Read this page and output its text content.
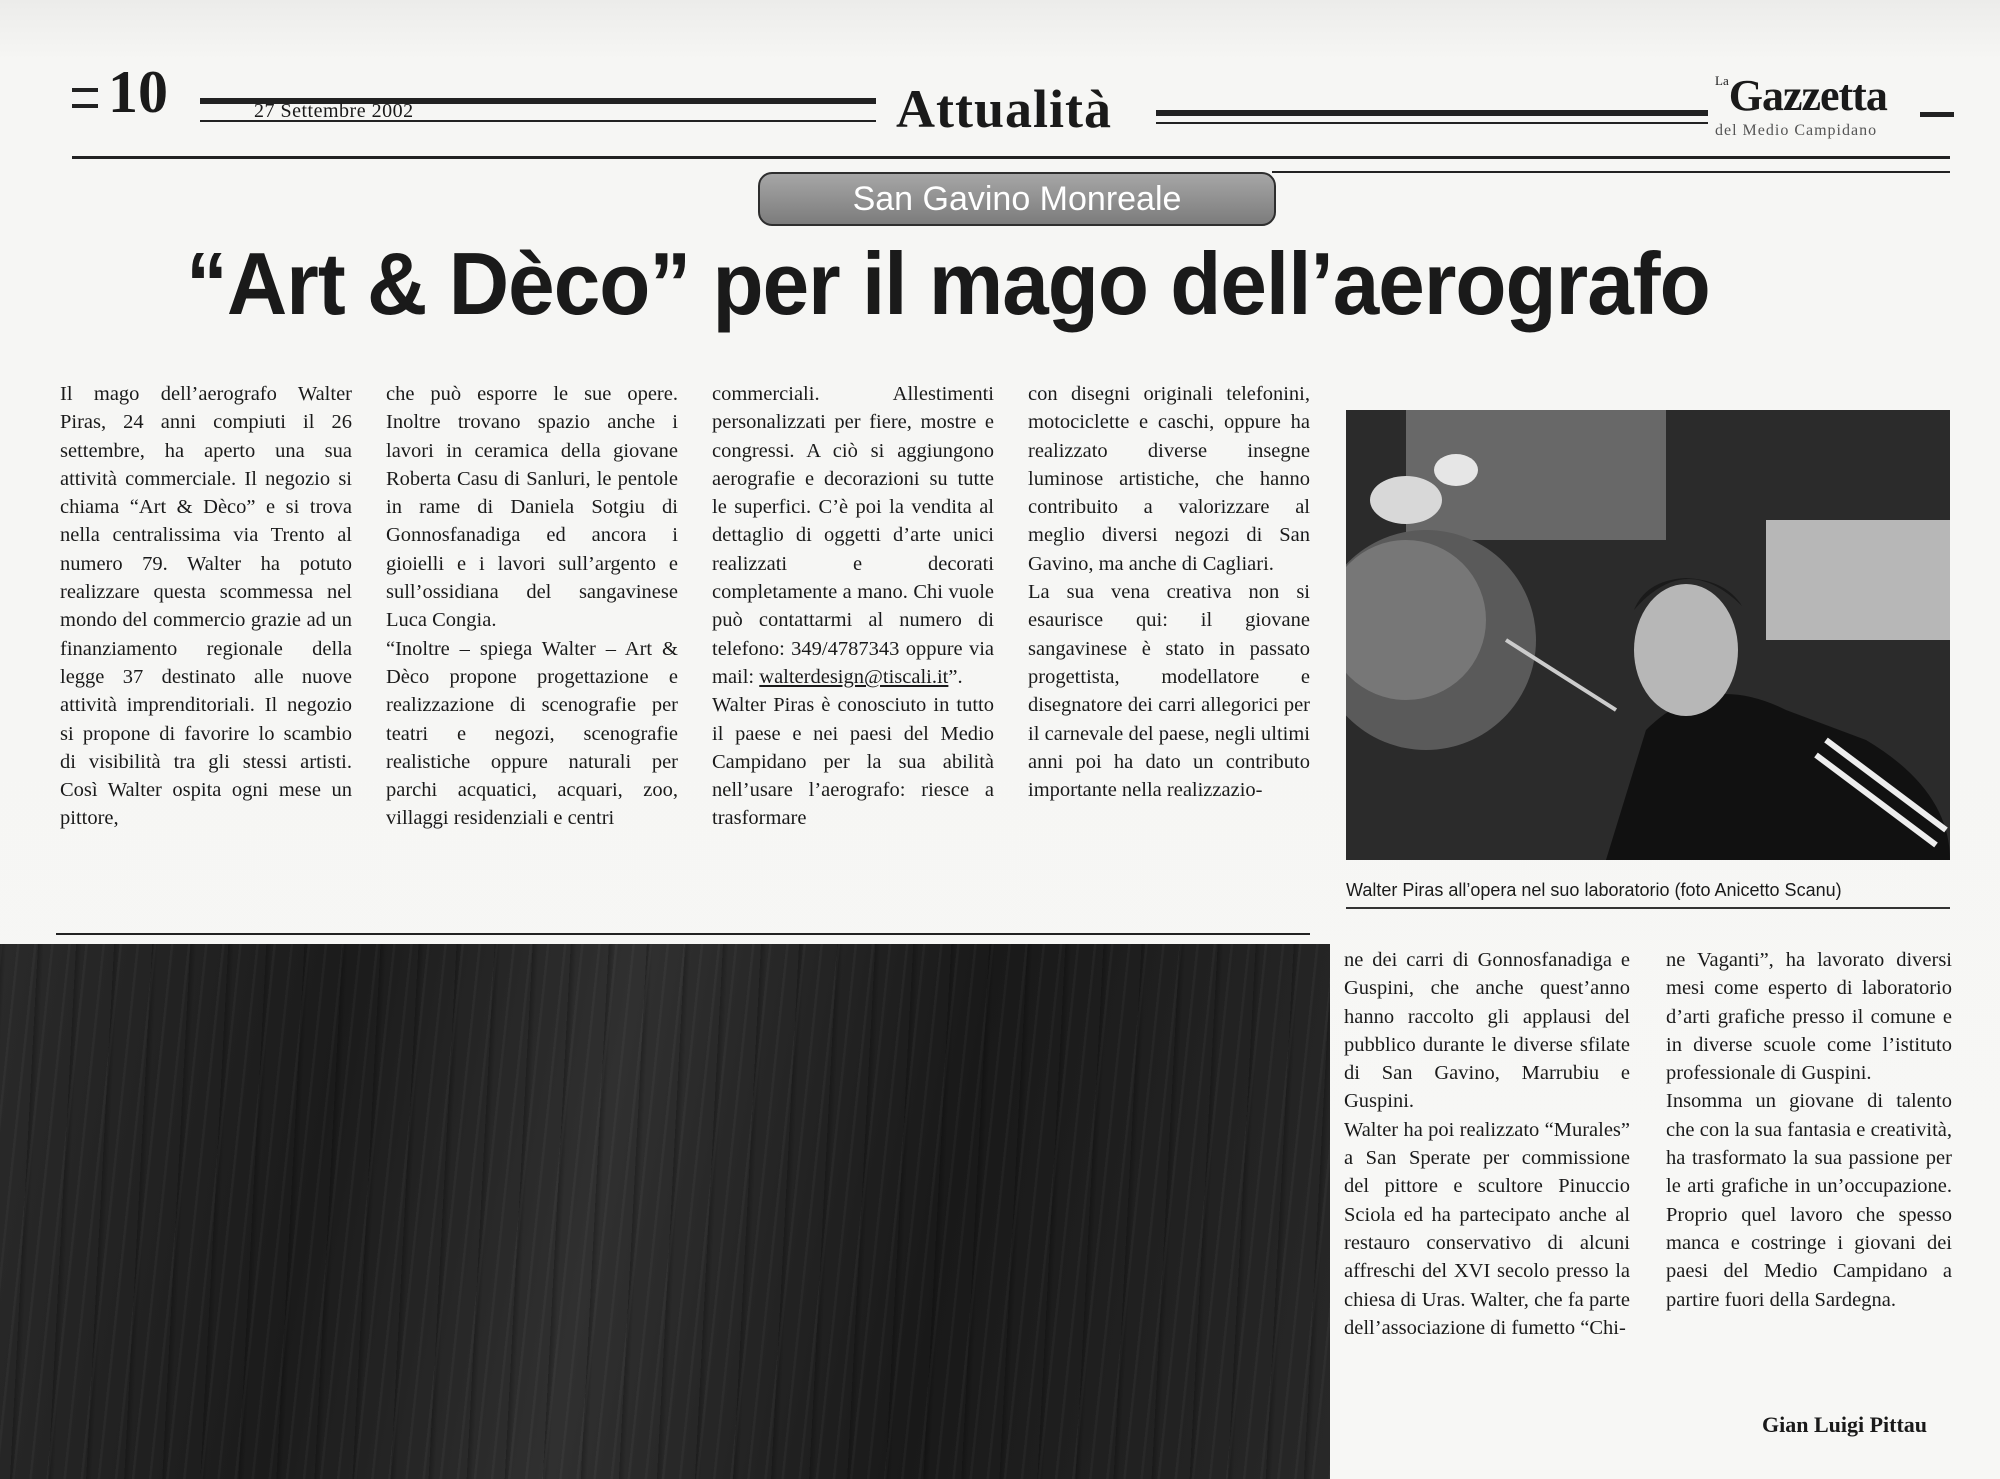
10	27 Settembre 2002	Attualità	$^{La}$Gazzetta
del Medio Campidano
San Gavino Monreale
“Art & Dèco” per il mago dell’aerografo

Il mago dell’aerografo Walter Piras, 24 anni compiuti il 26 settembre, ha aperto una sua attività commerciale. Il negozio si chiama “Art & Dèco” e si trova nella centralissima via Trento al numero 79. Walter ha potuto realizzare questa scommessa nel mondo del commercio grazie ad un finanziamento regionale della legge 37 destinato alle nuove attività imprenditoriali. Il negozio si propone di favorire lo scambio di visibilità tra gli stessi artisti. Così Walter ospita ogni mese un pittore,

che può esporre le sue opere. Inoltre trovano spazio anche i lavori in ceramica della giovane Roberta Casu di Sanluri, le pentole in rame di Daniela Sotgiu di Gonnosfanadiga ed ancora i gioielli e i lavori sull’argento e sull’ossidiana del sangavinese Luca Congia.

“Inoltre – spiega Walter – Art & Dèco propone progettazione e realizzazione di scenografie per teatri e negozi, scenografie realistiche oppure naturali per parchi acquatici, acquari, zoo, villaggi residenziali e centri

commerciali. Allestimenti personalizzati per fiere, mostre e congressi. A ciò si aggiungono aerografie e decorazioni su tutte le superfici. C’è poi la vendita al dettaglio di oggetti d’arte unici realizzati e decorati completamente a mano. Chi vuole può contattarmi al numero di telefono: 349/4787343 oppure via mail: walterdesign@tiscali.it”.

Walter Piras è conosciuto in tutto il paese e nei paesi del Medio Campidano per la sua abilità nell’usare l’aerografo: riesce a trasformare

con disegni originali telefonini, motociclette e caschi, oppure ha realizzato diverse insegne luminose artistiche, che hanno contribuito a valorizzare al meglio diversi negozi di San Gavino, ma anche di Cagliari.

La sua vena creativa non si esaurisce qui: il giovane sangavinese è stato in passato progettista, modellatore e disegnatore dei carri allegorici per il carnevale del paese, negli ultimi anni poi ha dato un contributo importante nella realizzazio-

Walter Piras all’opera nel suo laboratorio (foto Anicetto Scanu)

ne dei carri di Gonnosfanadiga e Guspini, che anche quest’anno hanno raccolto gli applausi del pubblico durante le diverse sfilate di San Gavino, Marrubiu e Guspini.

Walter ha poi realizzato “Murales” a San Sperate per commissione del pittore e scultore Pinuccio Sciola ed ha partecipato anche al restauro conservativo di alcuni affreschi del XVI secolo presso la chiesa di Uras. Walter, che fa parte dell’associazione di fumetto “Chi-

ne Vaganti”, ha lavorato diversi mesi come esperto di laboratorio d’arti grafiche presso il comune e in diverse scuole come l’istituto professionale di Guspini.

Insomma un giovane di talento che con la sua fantasia e creatività, ha trasformato la sua passione per le arti grafiche in un’occupazione. Proprio quel lavoro che spesso manca e costringe i giovani dei paesi del Medio Campidano a partire fuori della Sardegna.

Gian Luigi Pittau
